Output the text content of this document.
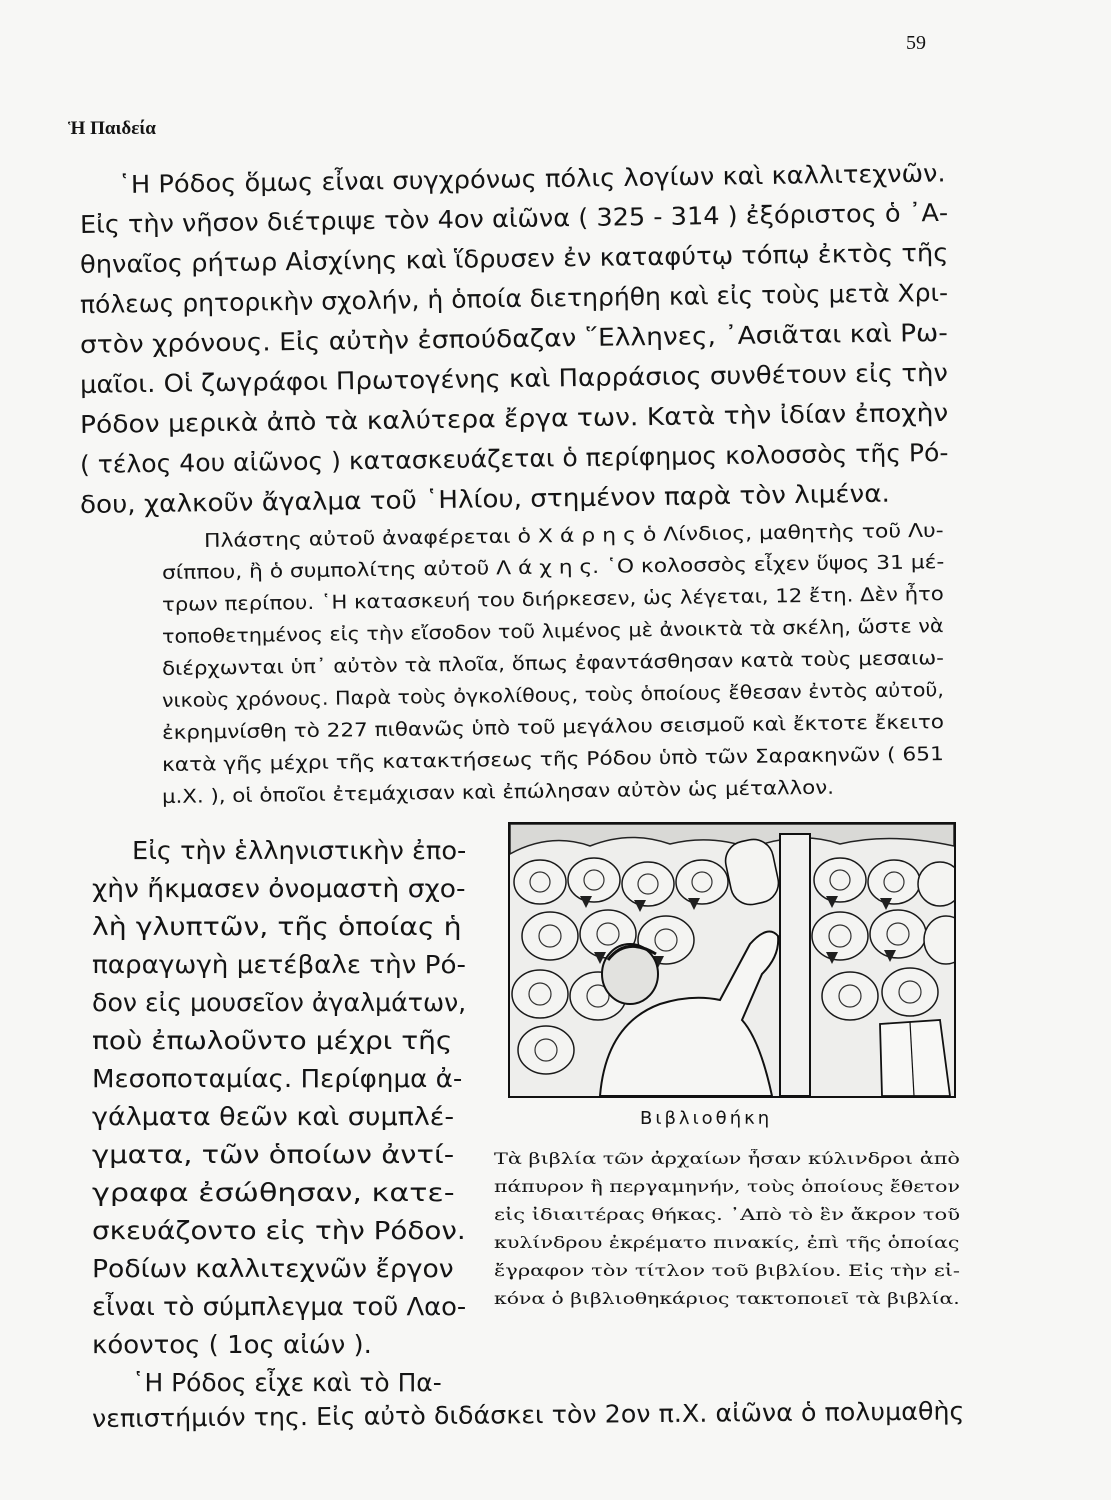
59
Ἡ Παιδεία

῾Η Ρόδος ὅμως εἶναι συγχρόνως πόλις λογίων καὶ καλλιτεχνῶν.

Εἰς τὴν νῆσον διέτριψε τὸν 4ον αἰῶνα ( 325 - 314 ) ἐξόριστος ὁ ᾿Α-

θηναῖος ρήτωρ Αἰσχίνης καὶ ἵδρυσεν ἐν καταφύτῳ τόπῳ ἐκτὸς τῆς

πόλεως ρητορικὴν σχολήν, ἡ ὁποία διετηρήθη καὶ εἰς τοὺς μετὰ Χρι-

στὸν χρόνους. Εἰς αὐτὴν ἐσπούδαζαν ῞Ελληνες, ᾿Ασιᾶται καὶ Ρω-

μαῖοι. Οἱ ζωγράφοι Πρωτογένης καὶ Παρράσιος συνθέτουν εἰς τὴν

Ρόδον μερικὰ ἀπὸ τὰ καλύτερα ἔργα των. Κατὰ τὴν ἰδίαν ἐποχὴν

( τέλος 4ου αἰῶνος ) κατασκευάζεται ὁ περίφημος κολοσσὸς τῆς Ρό-

δου, χαλκοῦν ἄγαλμα τοῦ ῾Ηλίου, στημένον παρὰ τὸν λιμένα.

Πλάστης αὐτοῦ ἀναφέρεται ὁ Χ ά ρ η ς ὁ Λίνδιος, μαθητὴς τοῦ Λυ-

σίππου, ἢ ὁ συμπολίτης αὐτοῦ Λ ά χ η ς. ῾Ο κολοσσὸς εἶχεν ὕψος 31 μέ-

τρων περίπου. ῾Η κατασκευή του διήρκεσεν, ὡς λέγεται, 12 ἔτη. Δὲν ἦτο

τοποθετημένος εἰς τὴν εἴσοδον τοῦ λιμένος μὲ ἀνοικτὰ τὰ σκέλη, ὥστε νὰ

διέρχωνται ὑπ᾿ αὐτὸν τὰ πλοῖα, ὅπως ἐφαντάσθησαν κατὰ τοὺς μεσαιω-

νικοὺς χρόνους. Παρὰ τοὺς ὀγκολίθους, τοὺς ὁποίους ἔθεσαν ἐντὸς αὐτοῦ,

ἐκρημνίσθη τὸ 227 πιθανῶς ὑπὸ τοῦ μεγάλου σεισμοῦ καὶ ἔκτοτε ἔκειτο

κατὰ γῆς μέχρι τῆς κατακτήσεως τῆς Ρόδου ὑπὸ τῶν Σαρακηνῶν ( 651

μ.Χ. ), οἱ ὁποῖοι ἐτεμάχισαν καὶ ἐπώλησαν αὐτὸν ὡς μέταλλον.

Εἰς τὴν ἑλληνιστικὴν ἐπο-

χὴν ἤκμασεν ὀνομαστὴ σχο-

λὴ γλυπτῶν, τῆς ὁποίας ἡ

παραγωγὴ μετέβαλε τὴν Ρό-

δον εἰς μουσεῖον ἀγαλμάτων,

ποὺ ἐπωλοῦντο μέχρι τῆς

Μεσοποταμίας. Περίφημα ἀ-

γάλματα θεῶν καὶ συμπλέ-

γματα, τῶν ὁποίων ἀντί-

γραφα ἐσώθησαν, κατε-

σκευάζοντο εἰς τὴν Ρόδον.

Ροδίων καλλιτεχνῶν ἔργον

εἶναι τὸ σύμπλεγμα τοῦ Λαο-

κόοντος ( 1ος αἰών ).

῾Η Ρόδος εἶχε καὶ τὸ Πα-

νεπιστήμιόν της. Εἰς αὐτὸ διδάσκει τὸν 2ον π.Χ. αἰῶνα ὁ πολυμαθὴς

Βιβλιοθήκη

Τὰ βιβλία τῶν ἀρχαίων ἦσαν κύλινδροι ἀπὸ

πάπυρον ἢ περγαμηνήν, τοὺς ὁποίους ἔθετον

εἰς ἰδιαιτέρας θήκας. ᾿Απὸ τὸ ἓν ἄκρον τοῦ

κυλίνδρου ἐκρέματο πινακίς, ἐπὶ τῆς ὁποίας

ἔγραφον τὸν τίτλον τοῦ βιβλίου. Εἰς τὴν εἰ-

κόνα ὁ βιβλιοθηκάριος τακτοποιεῖ τὰ βιβλία.
